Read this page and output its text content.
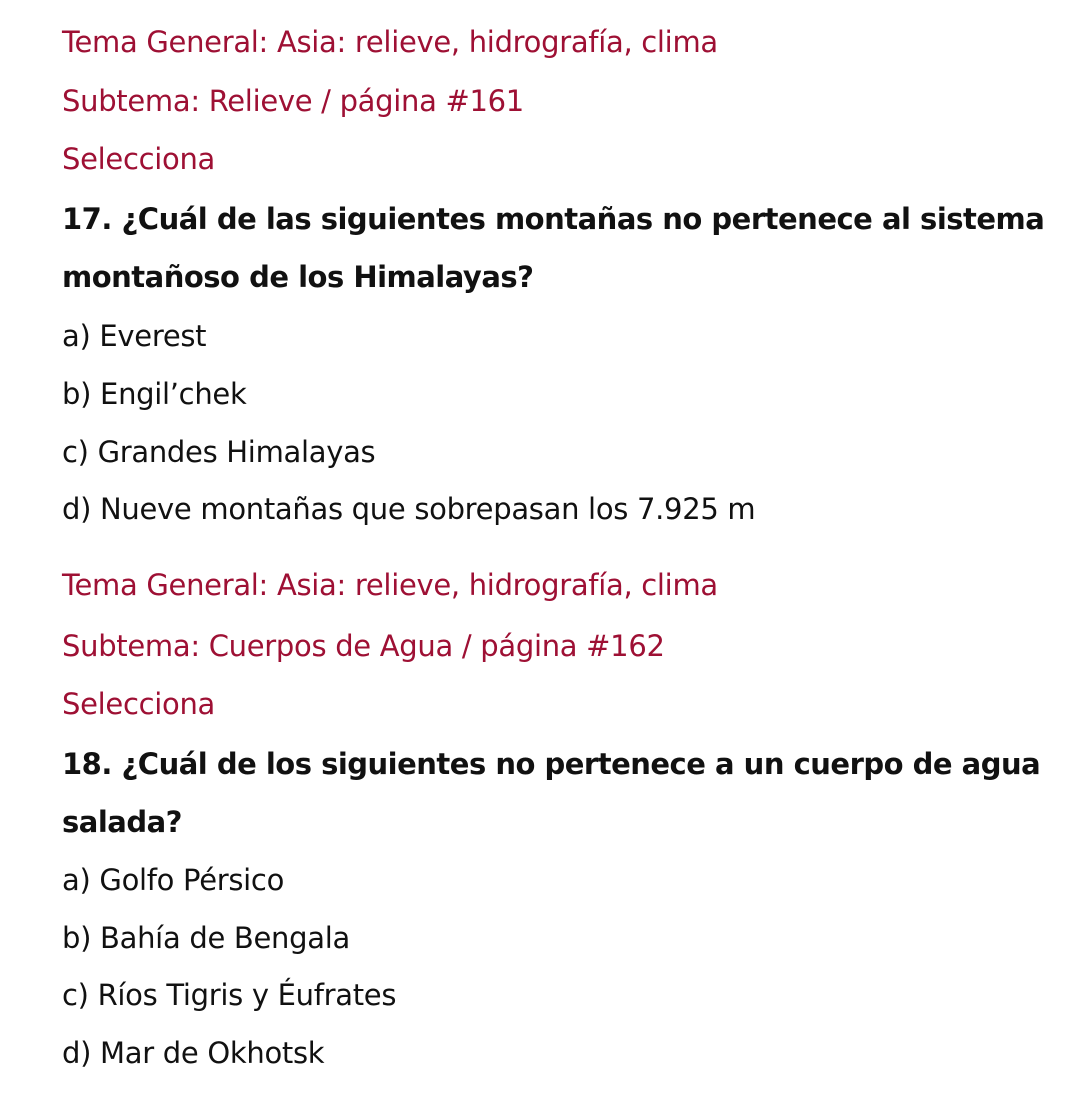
Tema General: Asia: relieve, hidrografía, clima
Subtema: Relieve / página #161
Selecciona
17. ¿Cuál de las siguientes montañas no pertenece al sistema
montañoso de los Himalayas?
a) Everest
b) Engil’chek
c) Grandes Himalayas
d) Nueve montañas que sobrepasan los 7.925 m
Tema General: Asia: relieve, hidrografía, clima
Subtema: Cuerpos de Agua / página #162
Selecciona
18. ¿Cuál de los siguientes no pertenece a un cuerpo de agua
salada?
a) Golfo Pérsico
b) Bahía de Bengala
c) Ríos Tigris y Éufrates
d) Mar de Okhotsk
